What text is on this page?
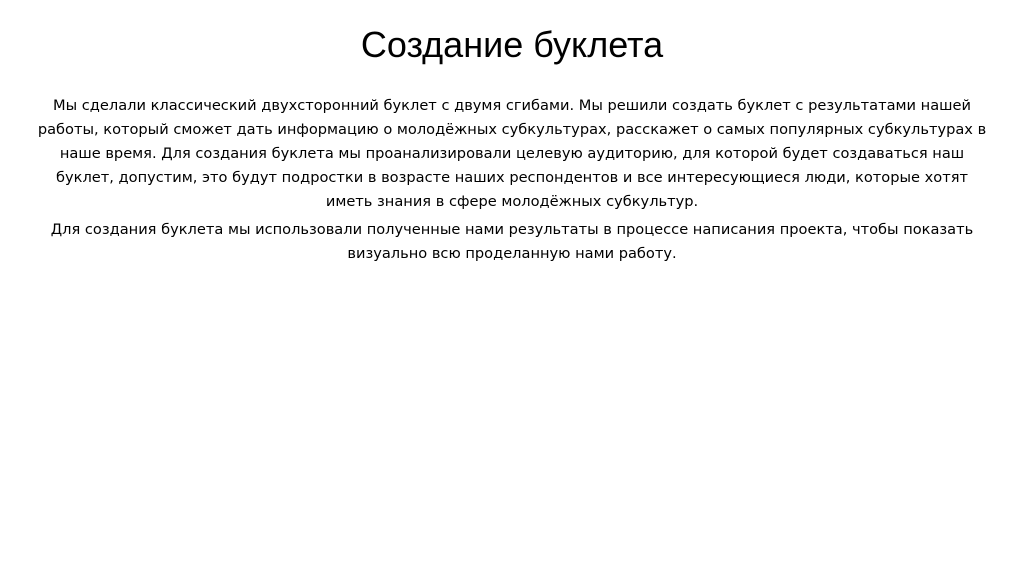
Создание буклета

Мы сделали классический двухсторонний буклет с двумя сгибами. Мы решили создать буклет с результатами нашей работы, который сможет дать информацию о молодёжных субкультурах, расскажет о самых популярных субкультурах в наше время. Для создания буклета мы проанализировали целевую аудиторию, для которой будет создаваться наш буклет, допустим, это будут подростки в возрасте наших респондентов и все интересующиеся люди, которые хотят иметь знания в сфере молодёжных субкультур.

Для создания буклета мы использовали полученные нами результаты в процессе написания проекта, чтобы показать визуально всю проделанную нами работу.
